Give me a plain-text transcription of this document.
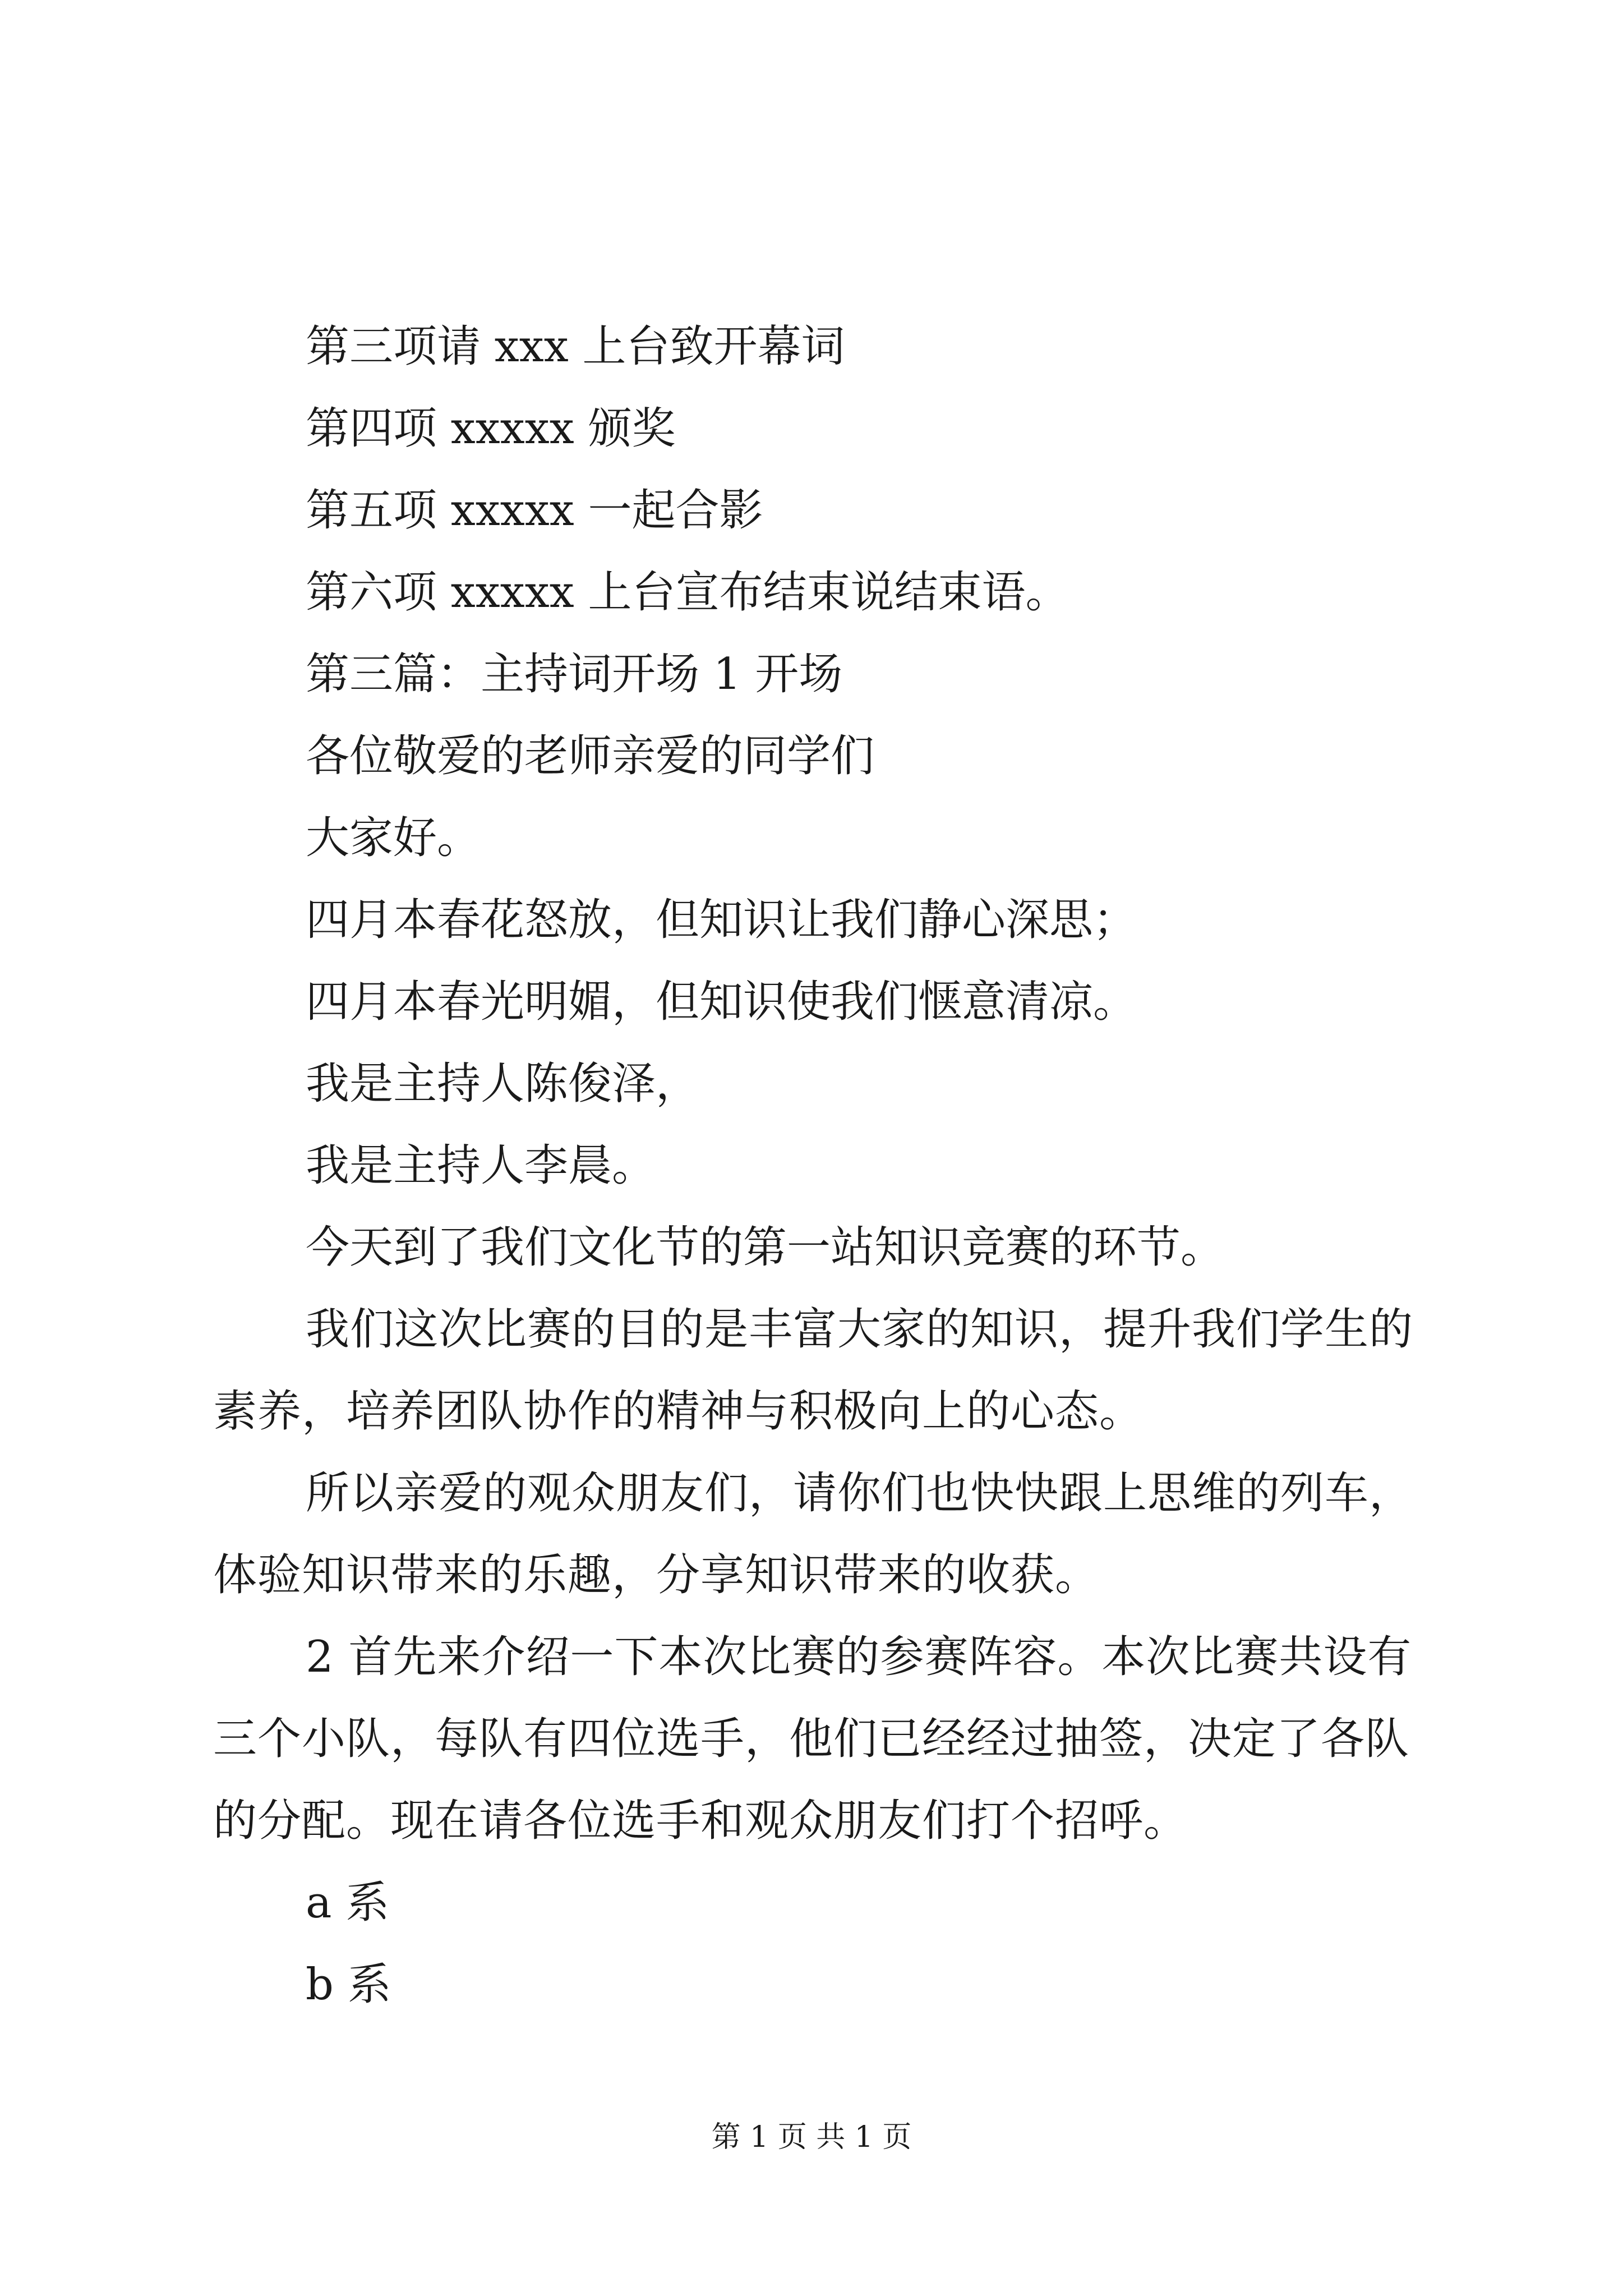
第三项请 xxx 上台致开幕词

第四项 xxxxx 颁奖

第五项 xxxxx 一起合影

第六项 xxxxx 上台宣布结束说结束语。

第三篇：主持词开场 1 开场

各位敬爱的老师亲爱的同学们

大家好。

四月本春花怒放，但知识让我们静心深思；

四月本春光明媚，但知识使我们惬意清凉。

我是主持人陈俊泽，

我是主持人李晨。

今天到了我们文化节的第一站知识竞赛的环节。

我们这次比赛的目的是丰富大家的知识，提升我们学生的素养，培养团队协作的精神与积极向上的心态。

所以亲爱的观众朋友们，请你们也快快跟上思维的列车，体验知识带来的乐趣，分享知识带来的收获。

2 首先来介绍一下本次比赛的参赛阵容。本次比赛共设有三个小队，每队有四位选手，他们已经经过抽签，决定了各队的分配。现在请各位选手和观众朋友们打个招呼。

a 系

b 系

第 1 页 共 1 页
